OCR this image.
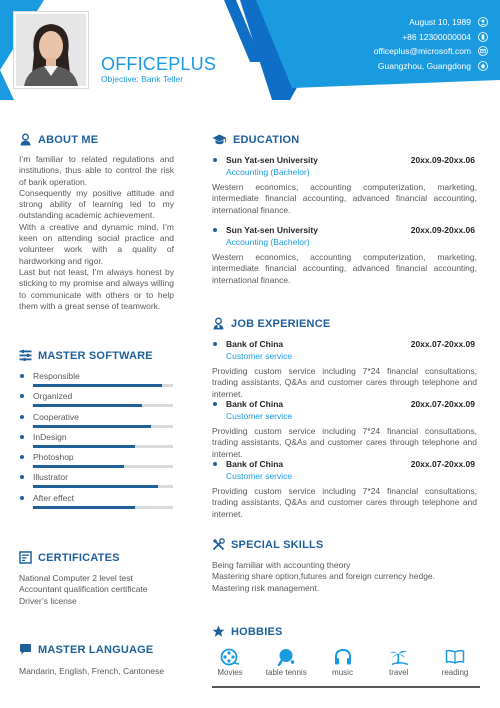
OFFICEPLUS
Objective: Bank Teller
August 10, 1989
+86 12300000004
officeplus@microsoft.com
Guangzhou, Guangdong
ABOUT ME
I’m familiar to related regulations and institutions, thus able to control the risk of bank operation.
Consequently my positive attitude and strong ability of learning led to my outstanding academic achievement.
With a creative and dynamic mind, I’m keen on attending social practice and volunteer work with a quality of hardworking and rigor.
Last but not least, I’m always honest by sticking to my promise and always willing to communicate with others or to help them with a great sense of teamwork.
MASTER SOFTWARE
Responsible
Organized
Cooperative
InDesign
Photoshop
Illustrator
After effect
CERTIFICATES
National Computer 2 level test
Accountant qualification certificate
Driver’s license
MASTER LANGUAGE
Mandarin, English, French, Cantonese
EDUCATION
Sun Yat-sen University	20xx.09-20xx.06
Accounting (Bachelor)
Western economics, accounting computerization, marketing, intermediate financial accounting, advanced financial accounting, international finance.
Sun Yat-sen University	20xx.09-20xx.06
Accounting (Bachelor)
Western economics, accounting computerization, marketing, intermediate financial accounting, advanced financial accounting, international finance.
JOB EXPERIENCE
Bank of China	20xx.07-20xx.09
Customer service
Providing custom service including 7*24 financial consultations, trading assistants, Q&As and customer cares through telephone and internet.
Bank of China	20xx.07-20xx.09
Customer service
Providing custom service including 7*24 financial consultations, trading assistants, Q&As and customer cares through telephone and internet.
Bank of China	20xx.07-20xx.09
Customer service
Providing custom service including 7*24 financial consultations, trading assistants, Q&As and customer cares through telephone and internet.
SPECIAL SKILLS
Being familiar with accounting theory
Mastering share option,futures and foreign currency hedge.
Mastering risk management.
HOBBIES
Movies	table tennis	music	travel	reading
